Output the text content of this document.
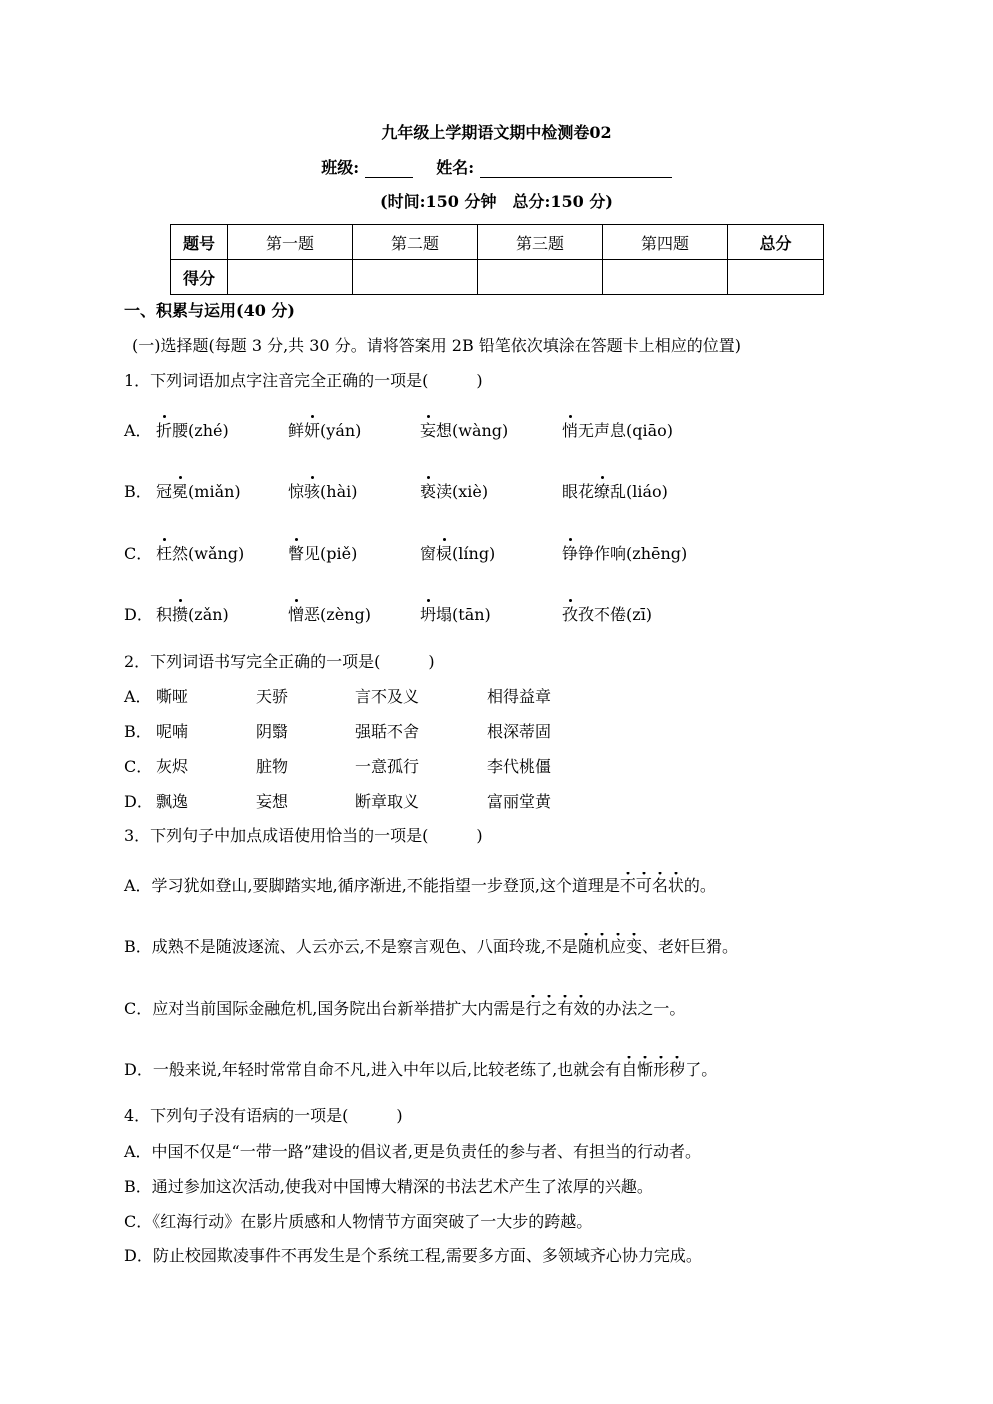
九年级上学期语文期中检测卷02
班级:	姓名:
(时间:150 分钟　总分:150 分)
题号	第一题	第二题	第三题	第四题	总分
得分					
一、积累与运用(40 分)
(一)选择题(每题 3 分,共 30 分。请将答案用 2B 铅笔依次填涂在答题卡上相应的位置)
1．下列词语加点字注音完全正确的一项是(　　　)
A． 折腰(zhé)	鲜妍(yán)	妄想(wàng)	悄无声息(qiāo)
B． 冠冕(miǎn)	惊骇(hài)	亵渎(xiè)	眼花缭乱(liáo)
C． 枉然(wǎng)	瞥见(piě)	窗棂(líng)	铮铮作响(zhēng)
D． 积攒(zǎn)	憎恶(zèng)	坍塌(tān)	孜孜不倦(zī)
2．下列词语书写完全正确的一项是(　　　)
A． 嘶哑	天骄	言不及义	相得益章
B． 呢喃	阴翳	强聒不舍	根深蒂固
C． 灰烬	脏物	一意孤行	李代桃僵
D． 飘逸	妄想	断章取义	富丽堂黄
3．下列句子中加点成语使用恰当的一项是(　　　)
A．学习犹如登山,要脚踏实地,循序渐进,不能指望一步登顶,这个道理是不可名状的。
B．成熟不是随波逐流、人云亦云,不是察言观色、八面玲珑,不是随机应变、老奸巨猾。
C．应对当前国际金融危机,国务院出台新举措扩大内需是行之有效的办法之一。
D．一般来说,年轻时常常自命不凡,进入中年以后,比较老练了,也就会有自惭形秽了。
4．下列句子没有语病的一项是(　　　)
A．中国不仅是“一带一路”建设的倡议者,更是负责任的参与者、有担当的行动者。
B．通过参加这次活动,使我对中国博大精深的书法艺术产生了浓厚的兴趣。
C．《红海行动》在影片质感和人物情节方面突破了一大步的跨越。
D．防止校园欺凌事件不再发生是个系统工程,需要多方面、多领域齐心协力完成。
